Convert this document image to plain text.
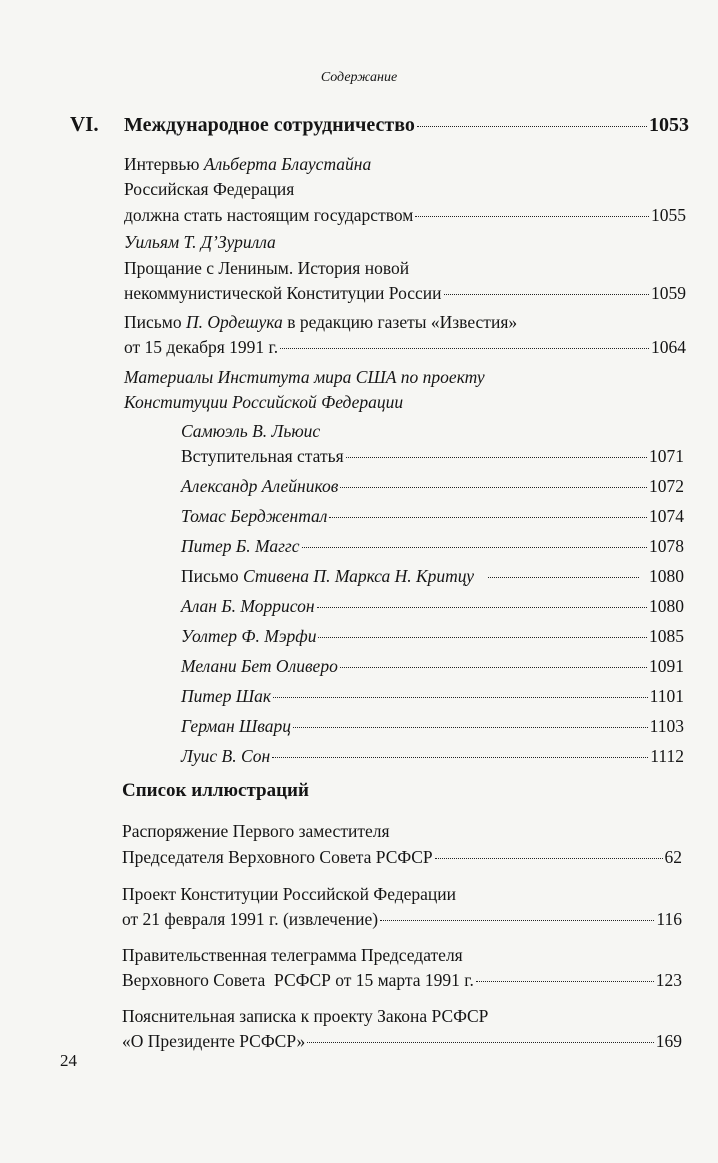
Содержание
VI. Международное сотрудничество	1053
Интервью Альберта Блаустайна
Российская Федерация
должна стать настоящим государством	1055
Уильям Т. Д’Зурилла
Прощание с Лениным. История новой
некоммунистической Конституции России	1059
Письмо П. Ордешука в редакцию газеты «Известия»
от 15 декабря 1991 г.	1064
Материалы Института мира США по проекту
Конституции Российской Федерации
Самюэль В. Льюис
Вступительная статья	1071
Александр Алейников	1072
Томас Берджентал	1074
Питер Б. Маггс	1078
Письмо Стивена П. Маркса Н. Критцу	1080
Алан Б. Моррисон	1080
Уолтер Ф. Мэрфи	1085
Мелани Бет Оливеро	1091
Питер Шак	1101
Герман Шварц	1103
Луис В. Сон	1112
Список иллюстраций
Распоряжение Первого заместителя
Председателя Верховного Совета РСФСР	62
Проект Конституции Российской Федерации
от 21 февраля 1991 г. (извлечение)	116
Правительственная телеграмма Председателя
Верховного Совета  РСФСР от 15 марта 1991 г.	123
Пояснительная записка к проекту Закона РСФСР
«О Президенте РСФСР»	169
24
